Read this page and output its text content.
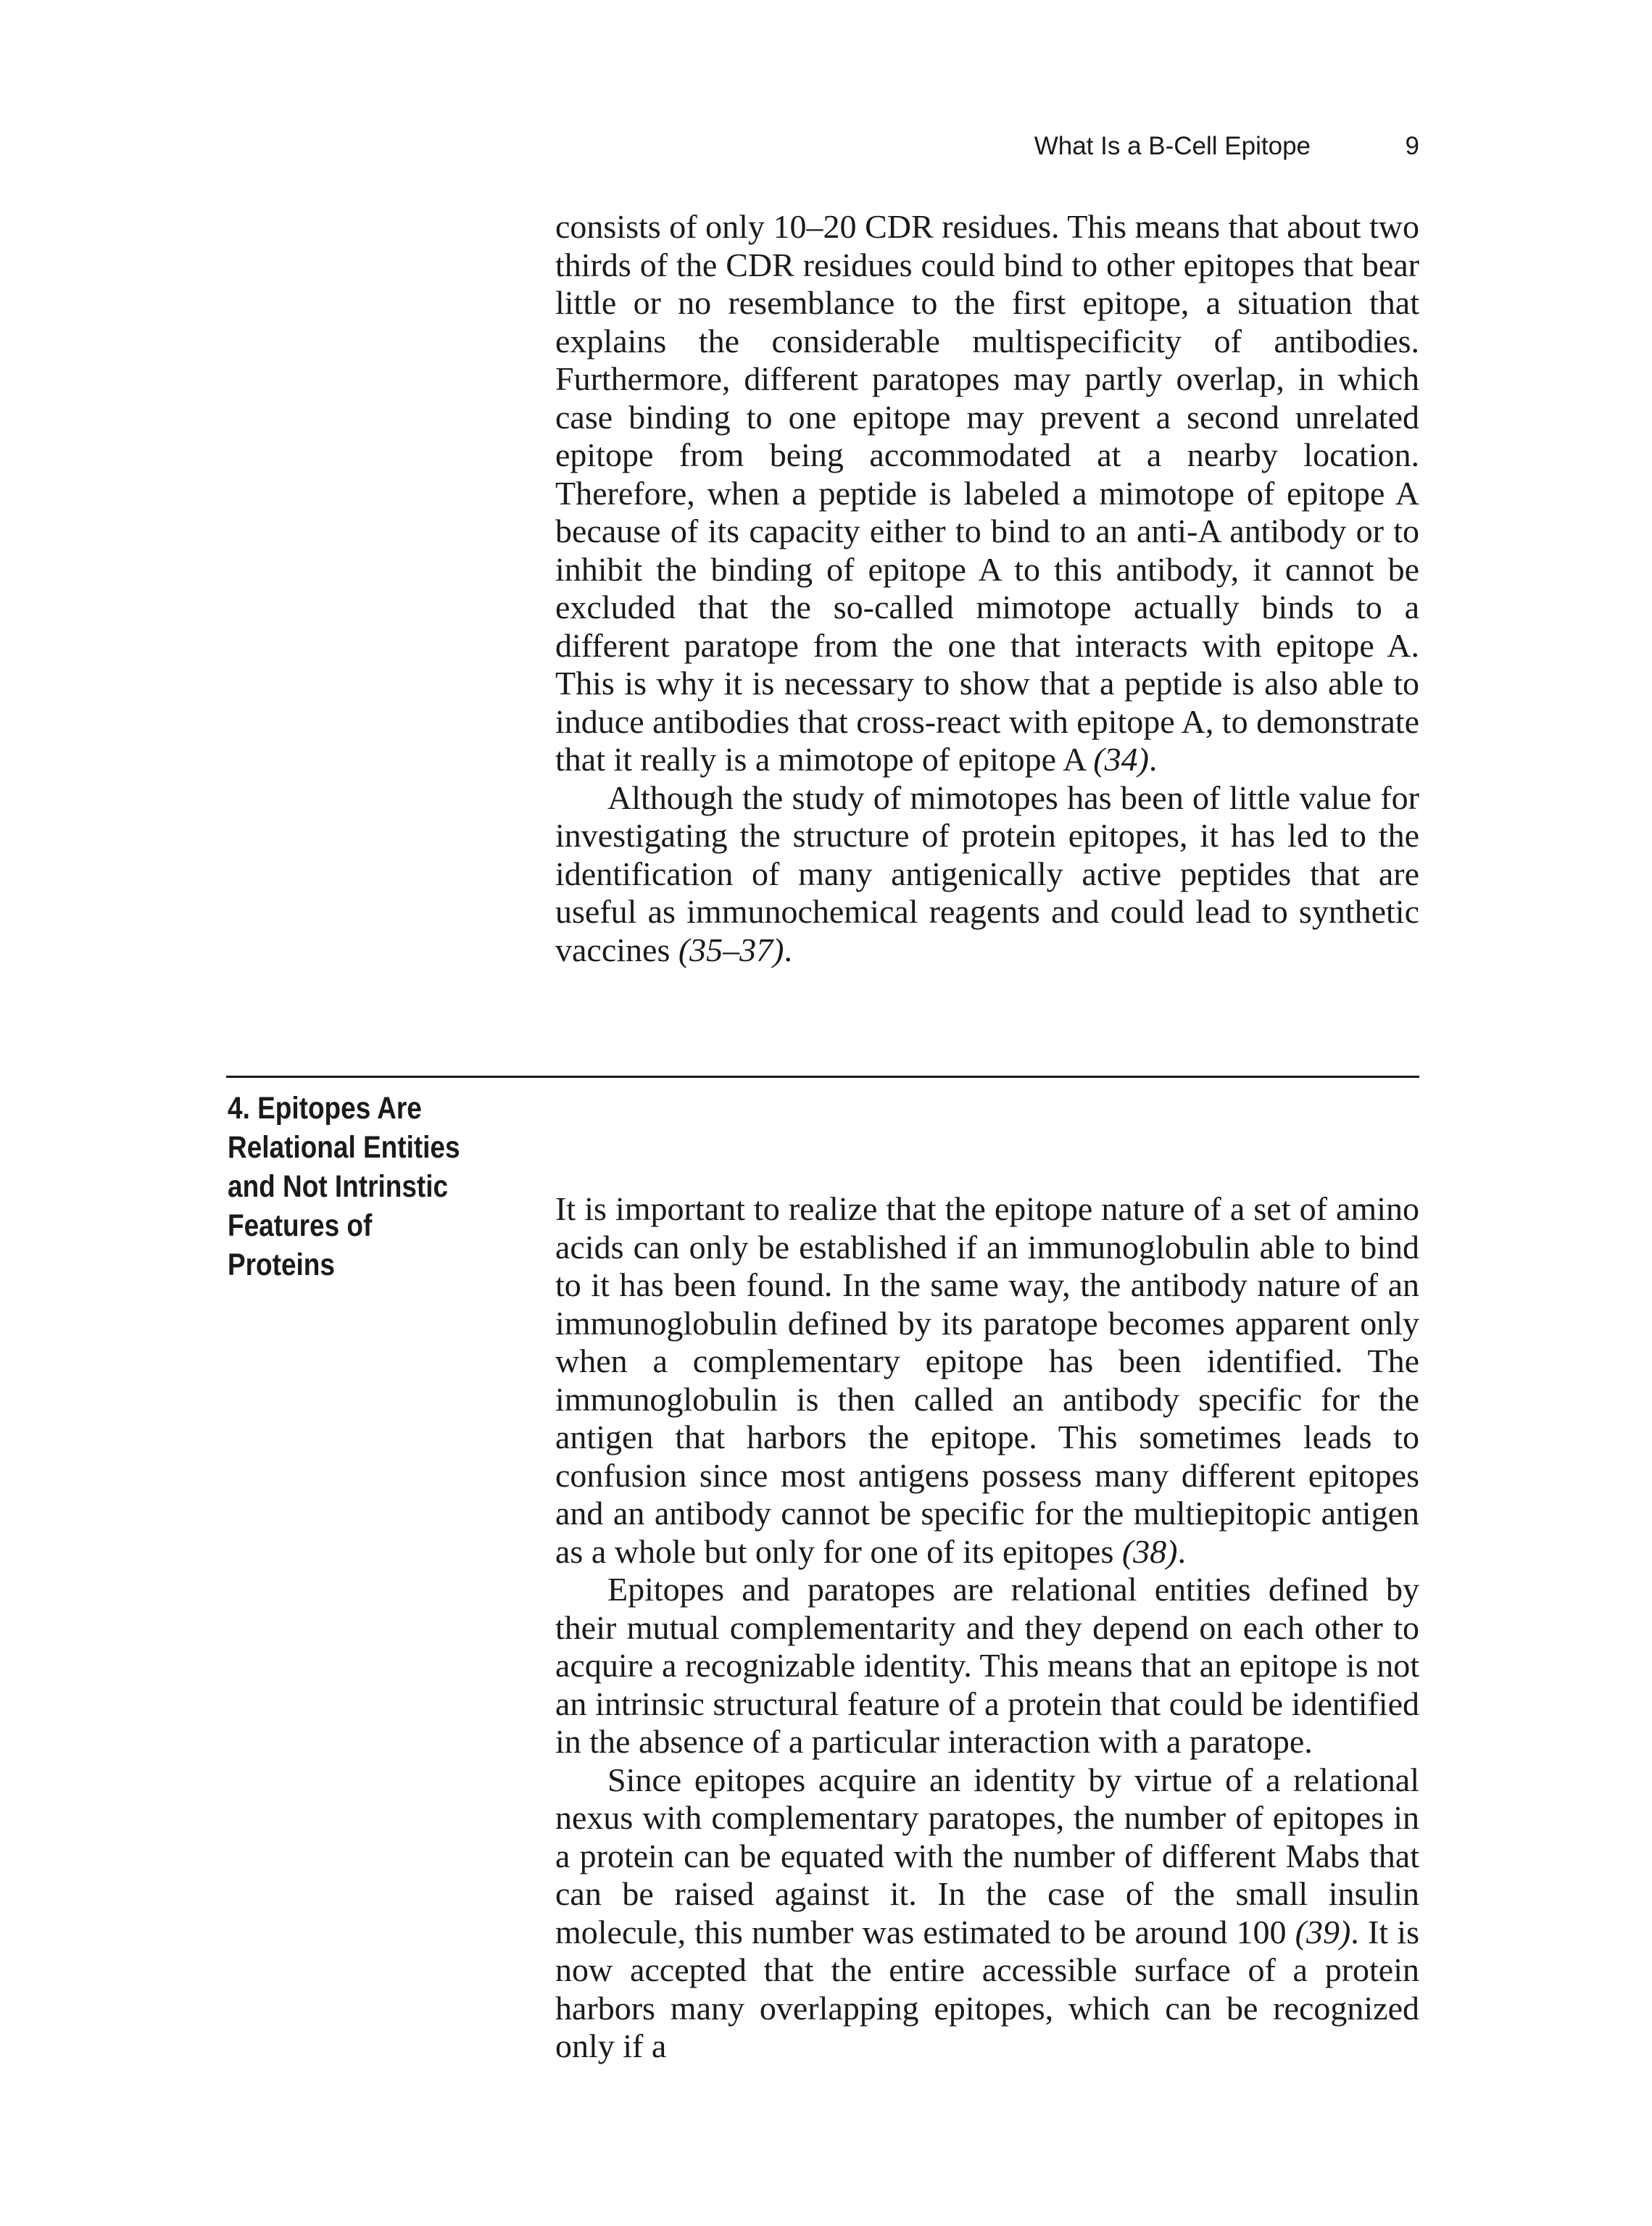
What Is a B-Cell Epitope	9

consists of only 10–20 CDR residues. This means that about two thirds of the CDR residues could bind to other epitopes that bear little or no resemblance to the first epitope, a situation that explains the considerable multispecificity of antibodies. Furthermore, different paratopes may partly overlap, in which case binding to one epitope may prevent a second unrelated epitope from being accommodated at a nearby location. Therefore, when a peptide is labeled a mimotope of epitope A because of its capacity either to bind to an anti-A antibody or to inhibit the binding of epitope A to this antibody, it cannot be excluded that the so-called mimotope actually binds to a different paratope from the one that interacts with epitope A. This is why it is necessary to show that a peptide is also able to induce antibodies that cross-react with epitope A, to demonstrate that it really is a mimotope of epitope A (34).

Although the study of mimotopes has been of little value for investigating the structure of protein epitopes, it has led to the identification of many antigenically active peptides that are useful as immunochemical reagents and could lead to synthetic vaccines (35–37).

4. Epitopes Are Relational Entities and Not Intrinstic Features of Proteins

It is important to realize that the epitope nature of a set of amino acids can only be established if an immunoglobulin able to bind to it has been found. In the same way, the antibody nature of an immunoglobulin defined by its paratope becomes apparent only when a complementary epitope has been identified. The immunoglobulin is then called an antibody specific for the antigen that harbors the epitope. This sometimes leads to confusion since most antigens possess many different epitopes and an antibody cannot be specific for the multiepitopic antigen as a whole but only for one of its epitopes (38).

Epitopes and paratopes are relational entities defined by their mutual complementarity and they depend on each other to acquire a recognizable identity. This means that an epitope is not an intrinsic structural feature of a protein that could be identified in the absence of a particular interaction with a paratope.

Since epitopes acquire an identity by virtue of a relational nexus with complementary paratopes, the number of epitopes in a protein can be equated with the number of different Mabs that can be raised against it. In the case of the small insulin molecule, this number was estimated to be around 100 (39). It is now accepted that the entire accessible surface of a protein harbors many overlapping epitopes, which can be recognized only if a
